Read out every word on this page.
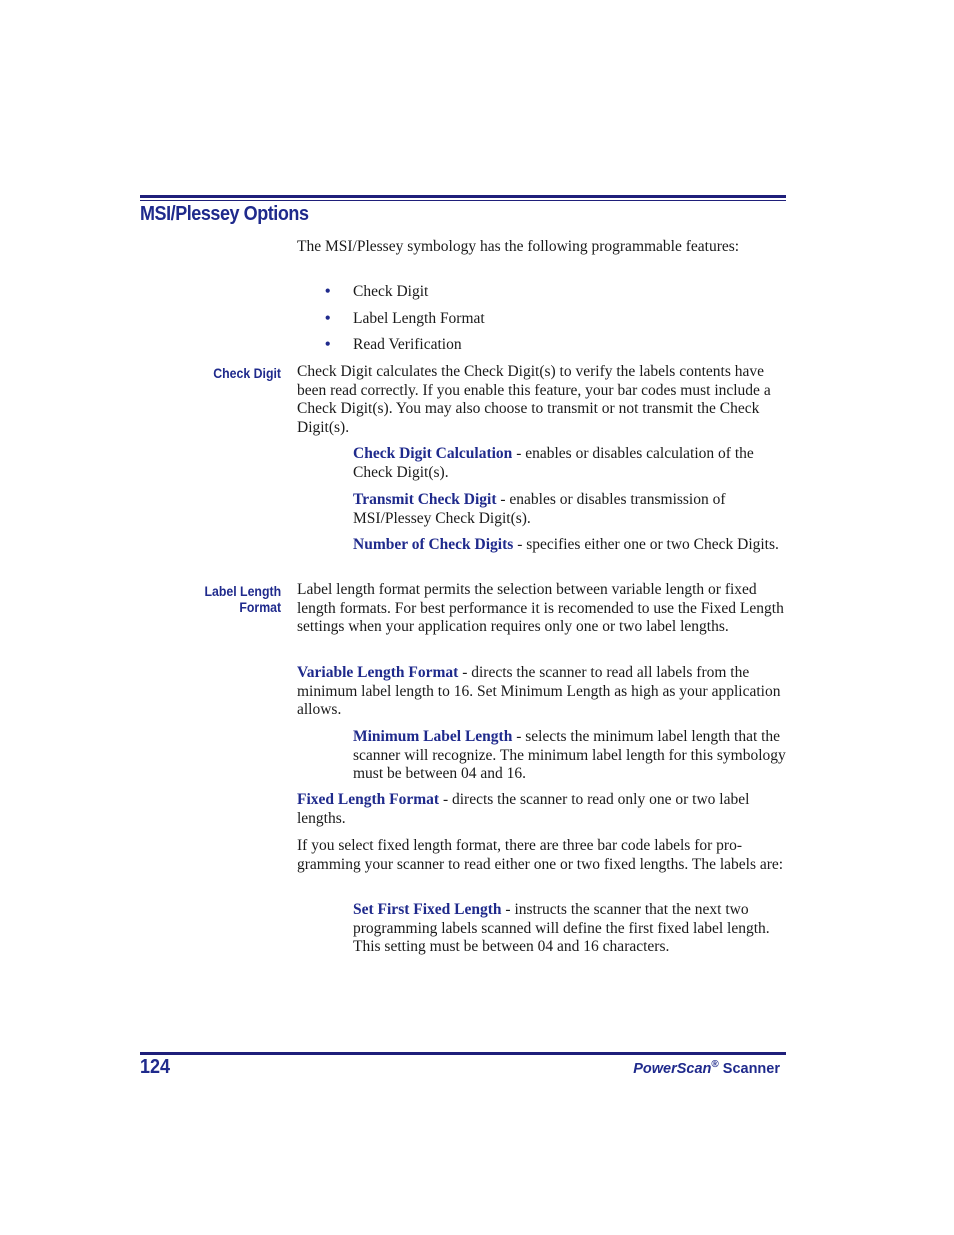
MSI/Plessey Options
The MSI/Plessey symbology has the following programmable features:
• Check Digit
• Label Length Format
• Read Verification
Check Digit Check Digit calculates the Check Digit(s) to verify the labels contents have been read correctly. If you enable this feature, your bar codes must include a Check Digit(s). You may also choose to transmit or not transmit the Check Digit(s).
Check Digit Calculation - enables or disables calculation of the Check Digit(s).
Transmit Check Digit - enables or disables transmission of MSI/Plessey Check Digit(s).
Number of Check Digits - specifies either one or two Check Digits.
Label Length
Format
Label length format permits the selection between variable length or fixed length formats. For best performance it is recomended to use the Fixed Length settings when your application requires only one or two label lengths.
Variable Length Format - directs the scanner to read all labels from the minimum label length to 16. Set Minimum Length as high as your application allows.
Minimum Label Length - selects the minimum label length that the scanner will recognize. The minimum label length for this symbology must be between 04 and 16.
Fixed Length Format - directs the scanner to read only one or two label lengths.
If you select fixed length format, there are three bar code labels for pro-gramming your scanner to read either one or two fixed lengths. The labels are:
Set First Fixed Length - instructs the scanner that the next two programming labels scanned will define the first fixed label length. This setting must be between 04 and 16 characters.
124	PowerScan® Scanner
